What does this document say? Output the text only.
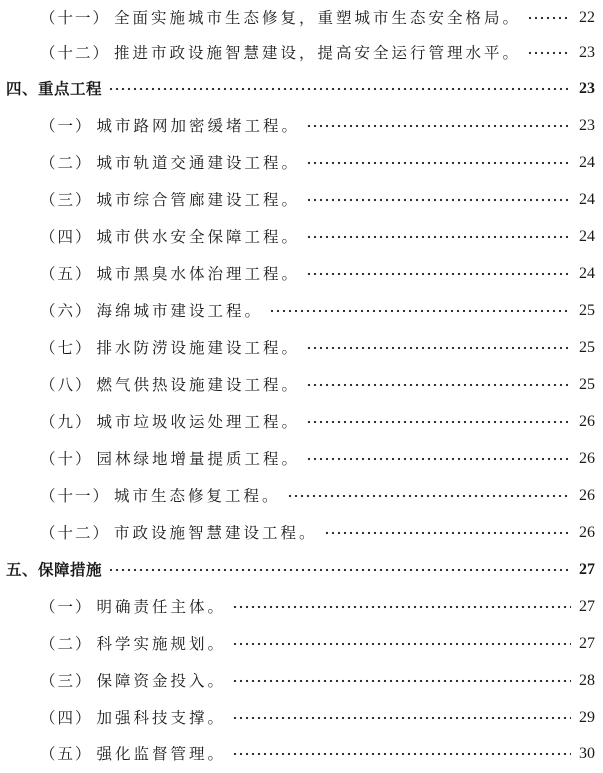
（十一） 全面实施城市生态修复，重塑城市生态安全格局。	22
（十二） 推进市政设施智慧建设，提高安全运行管理水平。	23
四、重点工程	23
（一） 城市路网加密缓堵工程。	23
（二） 城市轨道交通建设工程。	24
（三） 城市综合管廊建设工程。	24
（四） 城市供水安全保障工程。	24
（五） 城市黑臭水体治理工程。	24
（六） 海绵城市建设工程。	25
（七） 排水防涝设施建设工程。	25
（八） 燃气供热设施建设工程。	25
（九） 城市垃圾收运处理工程。	26
（十） 园林绿地增量提质工程。	26
（十一） 城市生态修复工程。	26
（十二） 市政设施智慧建设工程。	26
五、保障措施	27
（一） 明确责任主体。	27
（二） 科学实施规划。	27
（三） 保障资金投入。	28
（四） 加强科技支撑。	29
（五） 强化监督管理。	30
